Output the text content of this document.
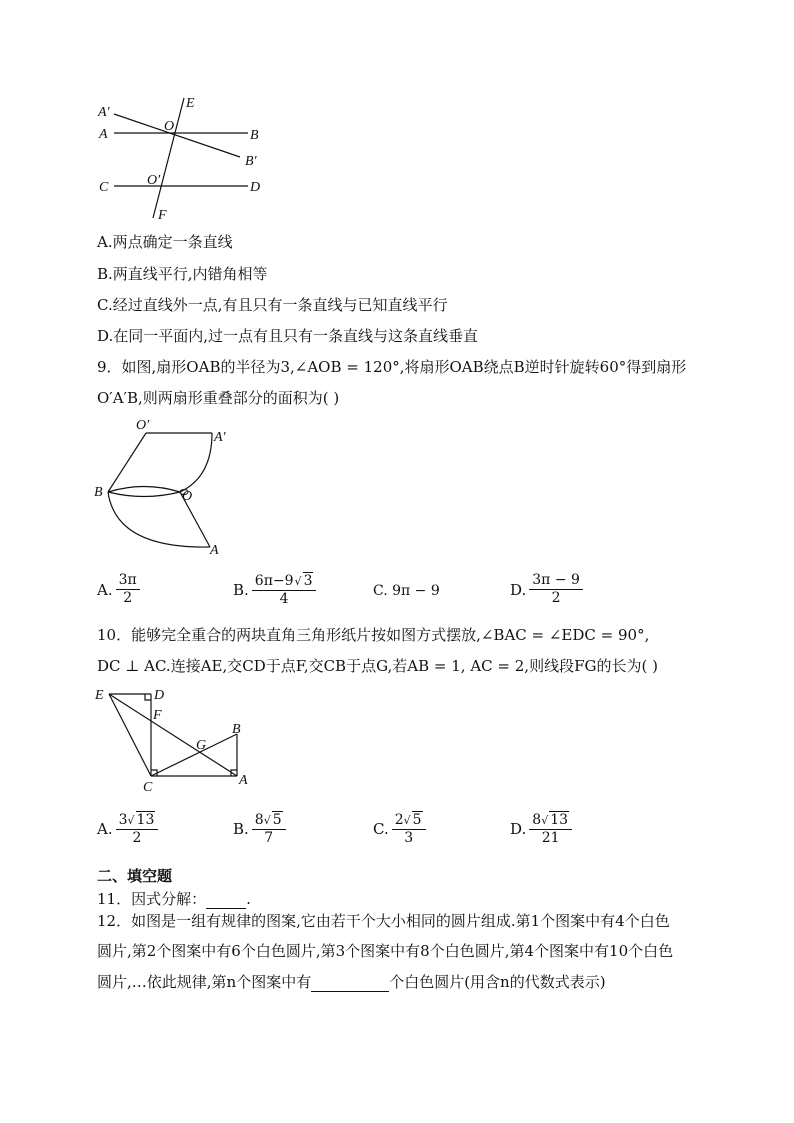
A′
E
A
O
B
B′
C	O′	D
F
A.两点确定一条直线
B.两直线平行,内错角相等
C.经过直线外一点,有且只有一条直线与已知直线平行
D.在同一平面内,过一点有且只有一条直线与这条直线垂直
9．如图,扇形OAB的半径为3,∠AOB = 120°,将扇形OAB绕点B逆时针旋转60°得到扇形
O′A′B,则两扇形重叠部分的面积为( )
O′
A′
B	O
A
A. $\frac{3\pi}{2}$	B. $\frac{6\pi-9√ 3}{4}$	C. 9π − 9	D. $\frac{3\pi - 9}{2}$
10．能够完全重合的两块直角三角形纸片按如图方式摆放,∠BAC = ∠EDC = 90°,
DC ⊥ AC.连接AE,交CD于点F,交CB于点G,若AB = 1, AC = 2,则线段FG的长为( )
E	D
F
B
G
C	A
A. $\frac{3√ 13}{2}$	B. $\frac{8√ 5}{7}$	C. $\frac{2√ 5}{3}$	D. $\frac{8√ 13}{21}$
二、填空题
11．因式分解：	.
12．如图是一组有规律的图案,它由若干个大小相同的圆片组成.第1个图案中有4个白色
圆片,第2个图案中有6个白色圆片,第3个图案中有8个白色圆片,第4个图案中有10个白色
圆片,…依此规律,第n个图案中有	个白色圆片(用含n的代数式表示)
